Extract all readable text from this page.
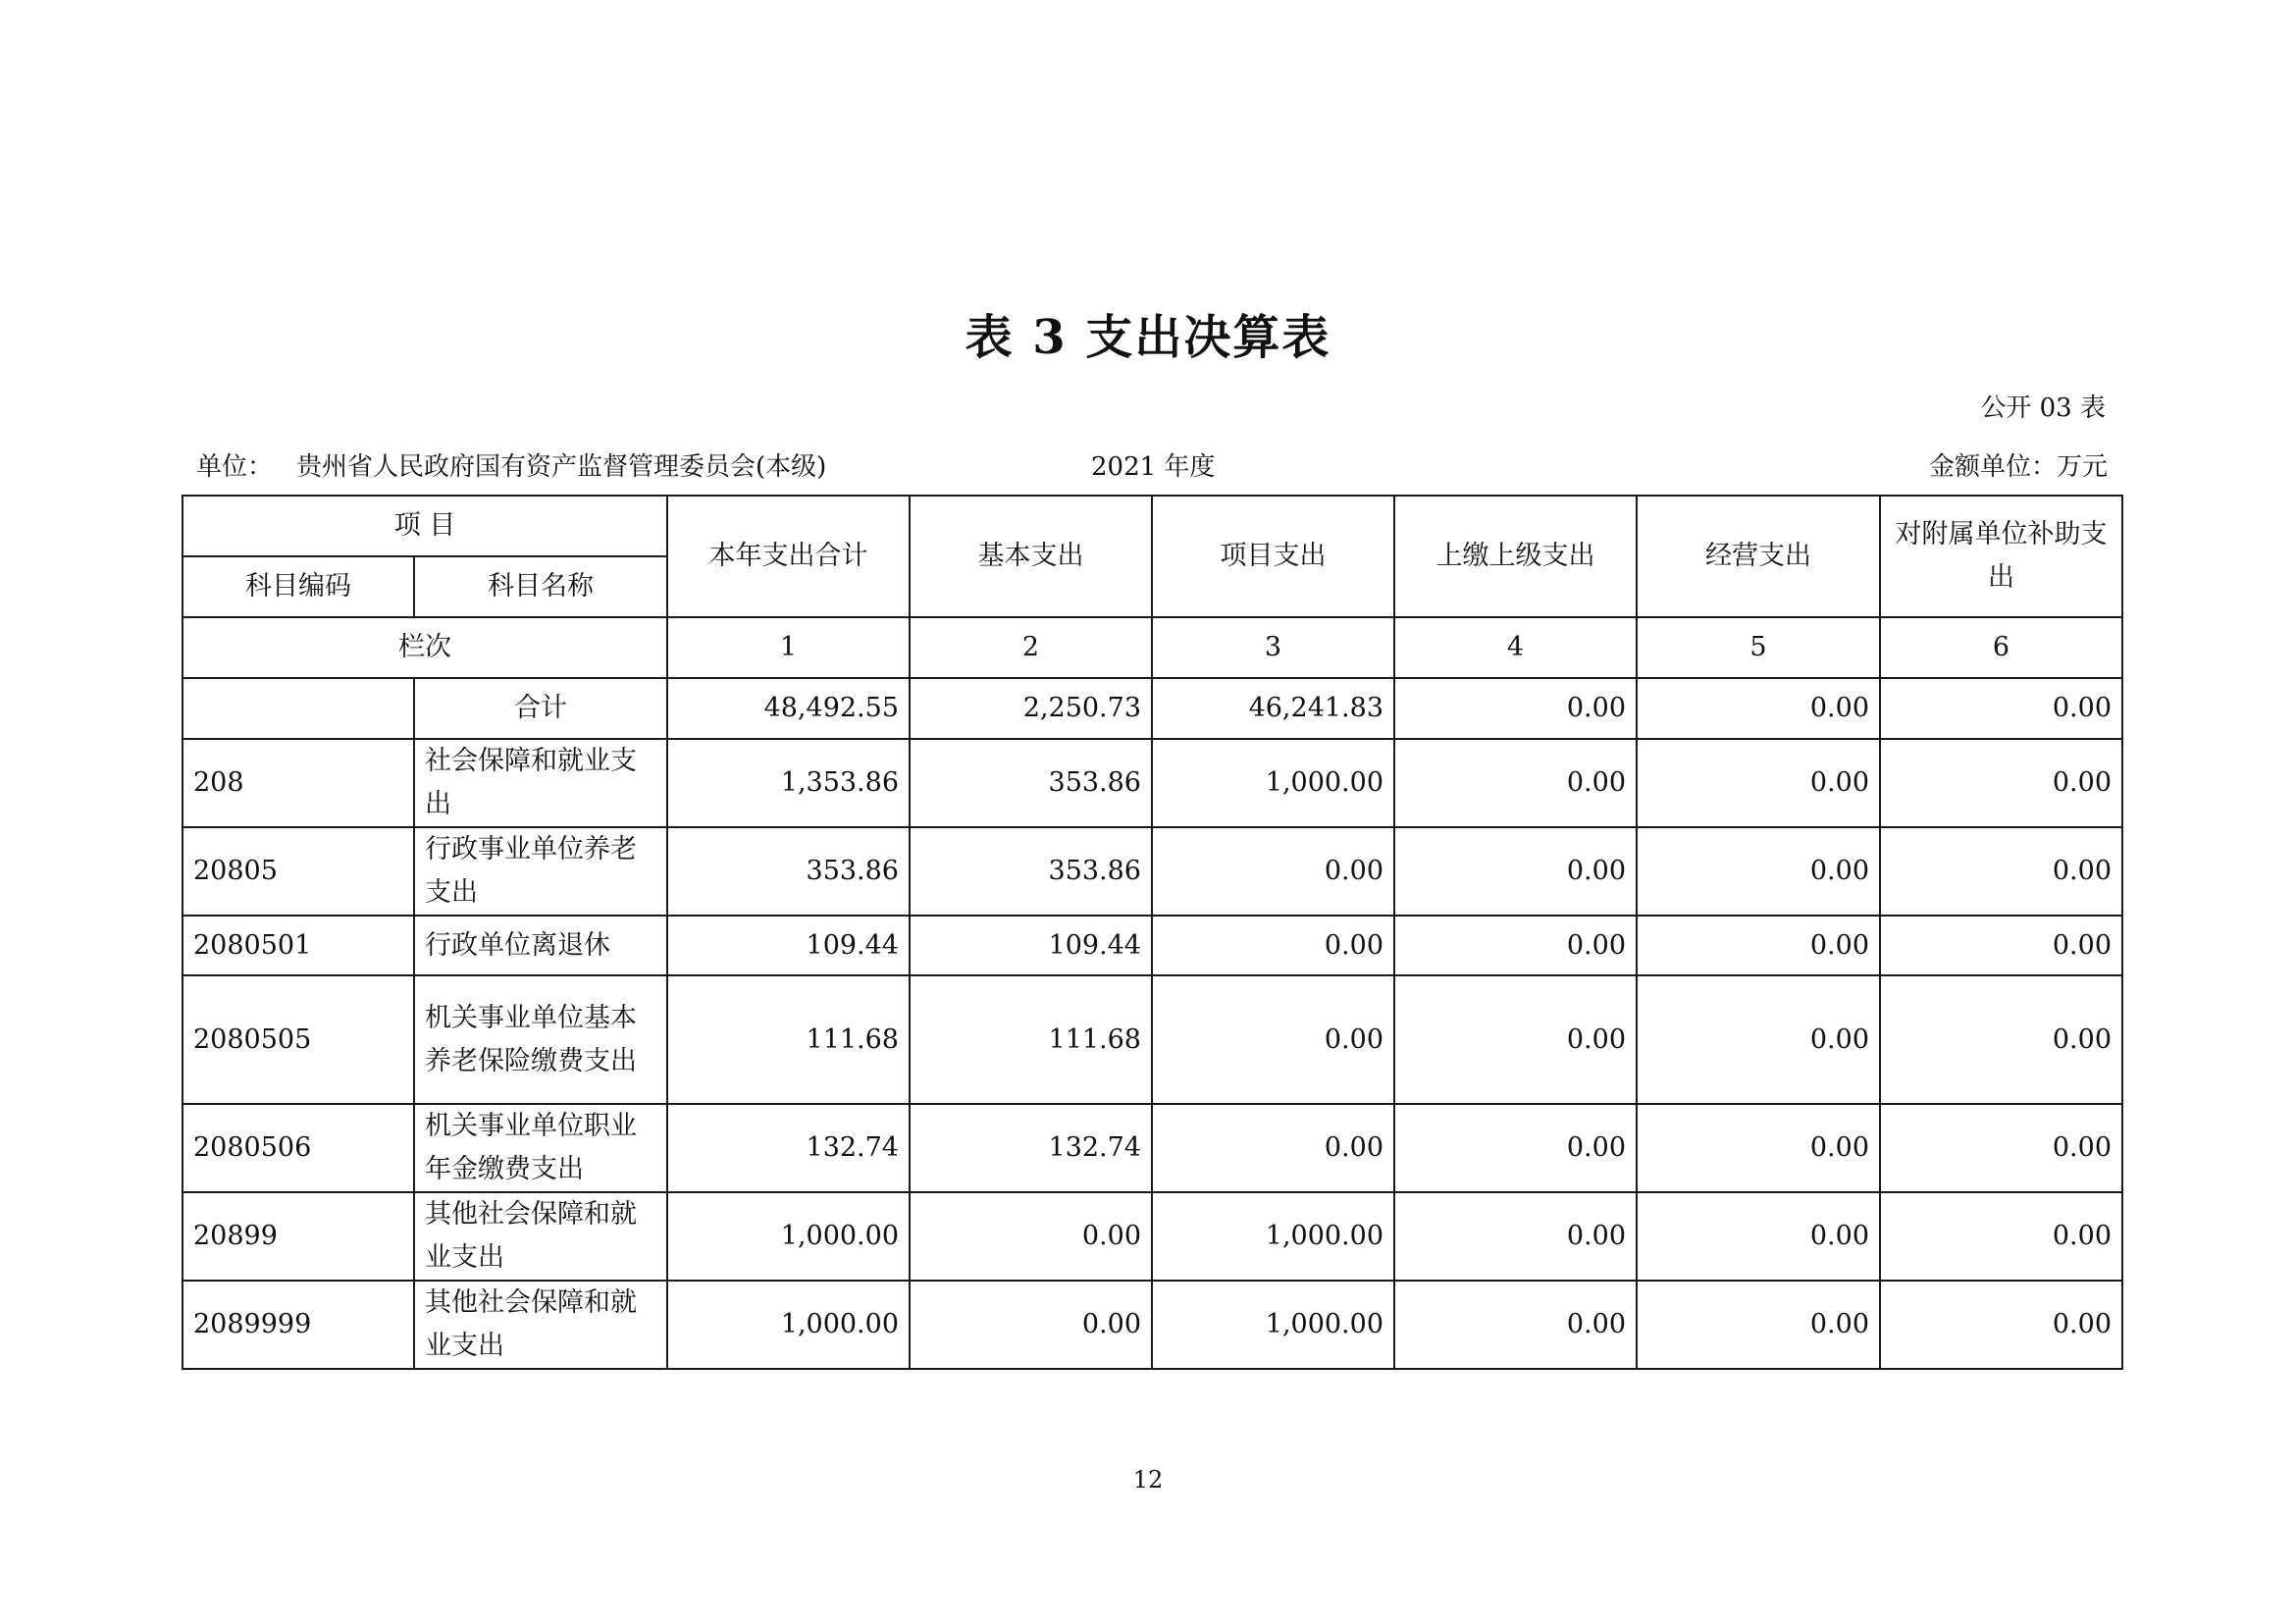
表 3 支出决算表
公开 03 表
单位： 贵州省人民政府国有资产监督管理委员会(本级)	2021 年度	金额单位：万元
项 目		本年支出合计	基本支出	项目支出	上缴上级支出	经营支出	对附属单位补助支出
科目编码	科目名称						
栏次		1	2	3	4	5	6
	合计	48,492.55	2,250.73	46,241.83	0.00	0.00	0.00
208	社会保障和就业支出	1,353.86	353.86	1,000.00	0.00	0.00	0.00
20805	行政事业单位养老支出	353.86	353.86	0.00	0.00	0.00	0.00
2080501	行政单位离退休	109.44	109.44	0.00	0.00	0.00	0.00
2080505	机关事业单位基本养老保险缴费支出	111.68	111.68	0.00	0.00	0.00	0.00
2080506	机关事业单位职业年金缴费支出	132.74	132.74	0.00	0.00	0.00	0.00
20899	其他社会保障和就业支出	1,000.00	0.00	1,000.00	0.00	0.00	0.00
2089999	其他社会保障和就业支出	1,000.00	0.00	1,000.00	0.00	0.00	0.00
12
